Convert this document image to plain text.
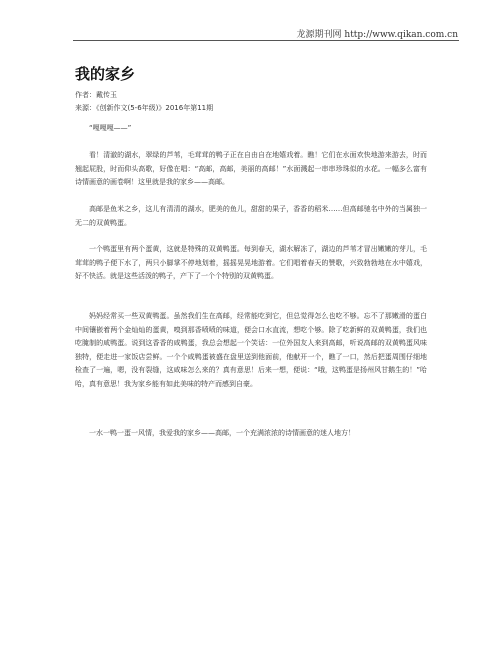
龙源期刊网 http://www.qikan.com.cn
我的家乡
作者：戴传玉
来源：《创新作文(5-6年级)》2016年第11期

“嘎嘎嘎——”

看！清澈的湖水，翠绿的芦苇，毛茸茸的鸭子正在自由自在地嬉戏着。瞧！它们在水面欢快地游来游去，时而翘起屁股，时而仰头高歌，好像在唱：“高邮，高邮，美丽的高邮！”水面溅起一串串珍珠似的水花。一幅多么富有诗情画意的画卷啊！这里就是我的家乡——高邮。

高邮是鱼米之乡，这儿有清清的湖水，肥美的鱼儿，甜甜的果子，香香的稻米……但高邮驰名中外的当属独一无二的双黄鸭蛋。

一个鸭蛋里有两个蛋黄，这就是特殊的双黄鸭蛋。每到春天，湖水解冻了，湖边的芦苇才冒出嫩嫩的芽儿，毛茸茸的鸭子便下水了，两只小脚掌不停地划着，摇摇晃晃地游着。它们唱着春天的赞歌，兴致勃勃地在水中嬉戏，好不快活。就是这些活泼的鸭子，产下了一个个特别的双黄鸭蛋。

妈妈经常买一些双黄鸭蛋。虽然我们生在高邮，经常能吃到它，但总觉得怎么也吃不够。忘不了那嫩滑的蛋白中间镶嵌着两个金灿灿的蛋黄，嗅到那香喷喷的味道，便会口水直流，想吃个够。除了吃新鲜的双黄鸭蛋，我们也吃腌制的咸鸭蛋。说到这香香的咸鸭蛋，我总会想起一个笑话：一位外国友人来到高邮，听说高邮的双黄鸭蛋风味独特，便走进一家饭店尝鲜。一个个咸鸭蛋被盛在盘里送到他面前，他献开一个，瞧了一口，然后把蛋周围仔细地检查了一遍，嗯，没有裂缝，这咸味怎么来的？真有意思！后来一想，便说：“哦，这鸭蛋是扬州风甘鹅生的！”哈哈，真有意思！我为家乡能有如此美味的特产而感到自豪。

一水一鸭一蛋一风情，我爱我的家乡——高邮，一个充满浓浓的诗情画意的迷人地方！
